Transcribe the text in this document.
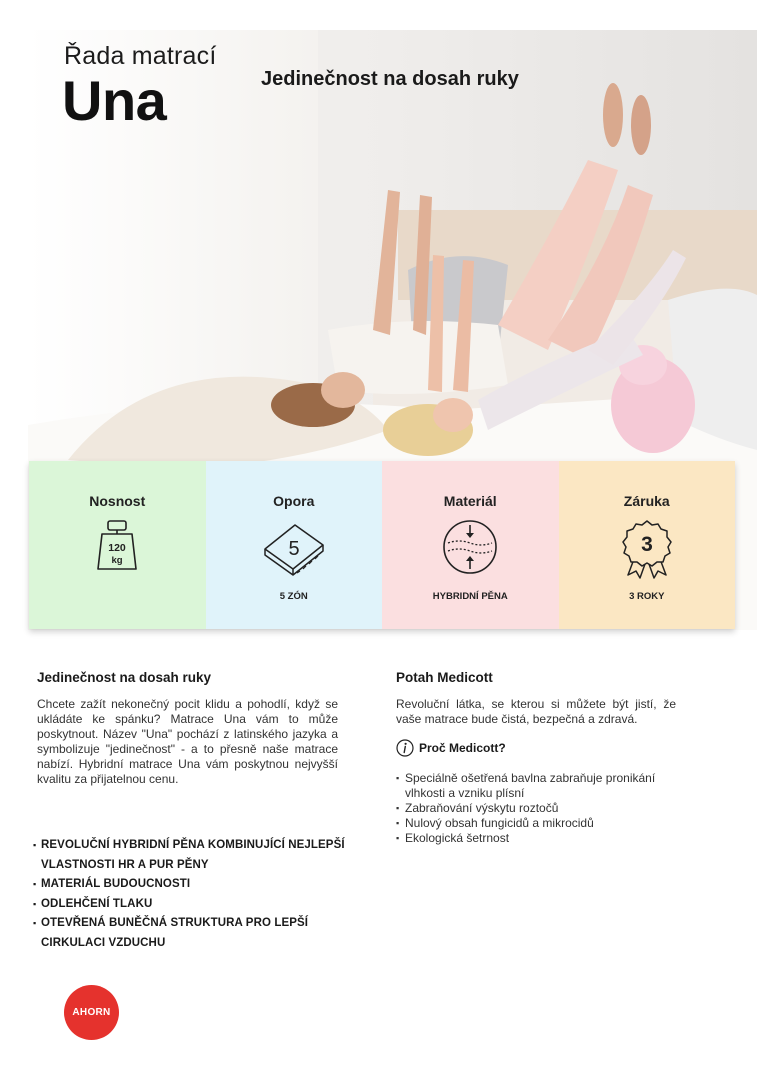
Řada matrací
Una	Jedinečnost na dosah ruky
Nosnost
120
kg
Opora
5
5 ZÓN
Materiál
HYBRIDNÍ PĚNA
Záruka
3
3 ROKY
Jedinečnost na dosah ruky

Chcete zažít nekonečný pocit klidu a pohodlí, když se ukládáte ke spánku? Matrace Una vám to může poskytnout. Název "Una" pochází z latinského jazyka a symbolizuje "jedinečnost" - a to přesně naše matrace nabízí. Hybridní matrace Una vám poskytnou nejvyšší kvalitu za přijatelnou cenu.

▪ REVOLUČNÍ HYBRIDNÍ PĚNA KOMBINUJÍCÍ NEJLEPŠÍ VLASTNOSTI HR A PUR PĚNY
▪ MATERIÁL BUDOUCNOSTI
▪ ODLEHČENÍ TLAKU
▪ OTEVŘENÁ BUNĚČNÁ STRUKTURA PRO LEPŠÍ CIRKULACI VZDUCHU
Potah Medicott

Revoluční látka, se kterou si můžete být jistí, že vaše matrace bude čistá, bezpečná a zdravá.

Proč Medicott?
▪ Speciálně ošetřená bavlna zabraňuje pronikání vlhkosti a vzniku plísní
▪ Zabraňování výskytu roztočů
▪ Nulový obsah fungicidů a mikrocidů
▪ Ekologická šetrnost
AHORN
